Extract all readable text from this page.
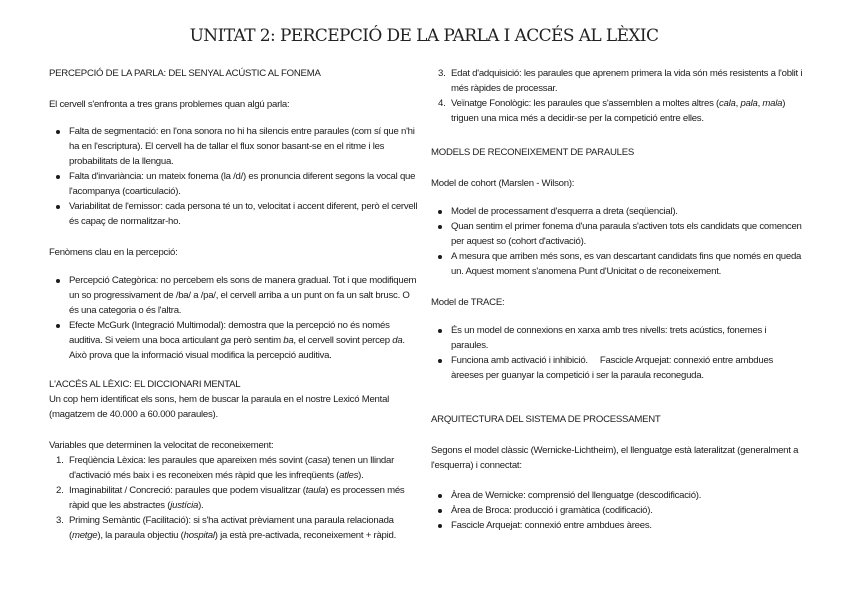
UNITAT 2: PERCEPCIÓ DE LA PARLA I ACCÉS AL LÈXIC

PERCEPCIÓ DE LA PARLA: DEL SENYAL ACÚSTIC AL FONEMA

El cervell s'enfronta a tres grans problemes quan algú parla:

Falta de segmentació: en l'ona sonora no hi ha silencis entre paraules (com sí que n'hi ha en l'escriptura). El cervell ha de tallar el flux sonor basant-se en el ritme i les probabilitats de la llengua.
Falta d'invariància: un mateix fonema (la /d/) es pronuncia diferent segons la vocal que l'acompanya (coarticulació).
Variabilitat de l'emissor: cada persona té un to, velocitat i accent diferent, però el cervell és capaç de normalitzar-ho.

Fenòmens clau en la percepció:

Percepció Categòrica: no percebem els sons de manera gradual. Tot i que modifiquem un so progressivament de /ba/ a /pa/, el cervell arriba a un punt on fa un salt brusc. O és una categoria o és l'altra.
Efecte McGurk (Integració Multimodal): demostra que la percepció no és només auditiva. Si veiem una boca articulant ga però sentim ba, el cervell sovint percep da. Això prova que la informació visual modifica la percepció auditiva.

L'ACCÉS AL LÈXIC: EL DICCIONARI MENTAL

Un cop hem identificat els sons, hem de buscar la paraula en el nostre Lexicó Mental (magatzem de 40.000 a 60.000 paraules).

Variables que determinen la velocitat de reconeixement:

1. Freqüència Lèxica: les paraules que apareixen més sovint (casa) tenen un llindar d'activació més baix i es reconeixen més ràpid que les infreqüents (atles).
2. Imaginabilitat / Concreció: paraules que podem visualitzar (taula) es processen més ràpid que les abstractes (justícia).
3. Priming Semàntic (Facilitació): si s'ha activat prèviament una paraula relacionada (metge), la paraula objectiu (hospital) ja està pre-activada, reconeixement + ràpid.
3. Edat d'adquisició: les paraules que aprenem primera la vida són més resistents a l'oblit i més ràpides de processar.
4. Veïnatge Fonològic: les paraules que s'assemblen a moltes altres (cala, pala, mala) triguen una mica més a decidir-se per la competició entre elles.

MODELS DE RECONEIXEMENT DE PARAULES

Model de cohort (Marslen - Wilson):

Model de processament d'esquerra a dreta (seqüencial).
Quan sentim el primer fonema d'una paraula s'activen tots els candidats que comencen per aquest so (cohort d'activació).
A mesura que arriben més sons, es van descartant candidats fins que només en queda un. Aquest moment s'anomena Punt d'Unicitat o de reconeixement.

Model de TRACE:

És un model de connexions en xarxa amb tres nivells: trets acústics, fonemes i paraules.
Funciona amb activació i inhibició.     Fascicle Arquejat: connexió entre ambdues àreeses per guanyar la competició i ser la paraula reconeguda.

ARQUITECTURA DEL SISTEMA DE PROCESSAMENT

Segons el model clàssic (Wernicke-Lichtheim), el llenguatge està lateralitzat (generalment a l'esquerra) i connectat:

Àrea de Wernicke: comprensió del llenguatge (descodificació).
Àrea de Broca: producció i gramàtica (codificació).
Fascicle Arquejat: connexió entre ambdues àrees.
